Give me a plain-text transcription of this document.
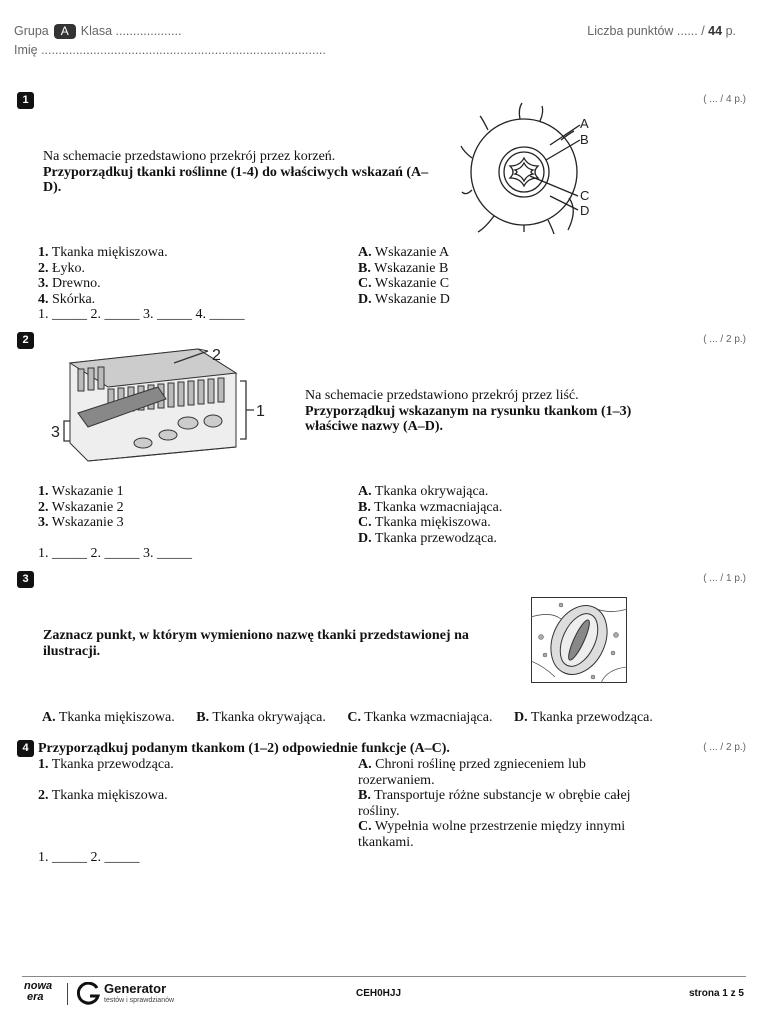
Grupa A Klasa ...................
Imię ..................................................................................
Liczba punktów ...... / 44 p.
1	( ... / 4 p.)
Na schemacie przedstawiono przekrój przez korzeń.
Przyporządkuj tkanki roślinne (1-4) do właściwych wskazań (A–
D).
A
B
C
D
1. Tkanka miękiszowa.
2. Łyko.
3. Drewno.
4. Skórka.
1. _____ 2. _____ 3. _____ 4. _____
A. Wskazanie A
B. Wskazanie B
C. Wskazanie C
D. Wskazanie D
2	( ... / 2 p.)
1
2
3
Na schemacie przedstawiono przekrój przez liść.
Przyporządkuj wskazanym na rysunku tkankom (1–3)
właściwe nazwy (A–D).
1. Wskazanie 1
2. Wskazanie 2
3. Wskazanie 3
1. _____ 2. _____ 3. _____
A. Tkanka okrywająca.
B. Tkanka wzmacniająca.
C. Tkanka miękiszowa.
D. Tkanka przewodząca.
3	( ... / 1 p.)
Zaznacz punkt, w którym wymieniono nazwę tkanki przedstawionej na
ilustracji.
A. Tkanka miękiszowa. B. Tkanka okrywająca. C. Tkanka wzmacniająca. D. Tkanka przewodząca.
4	( ... / 2 p.)
Przyporządkuj podanym tkankom (1–2) odpowiednie funkcje (A–C).
1. Tkanka przewodząca.
2. Tkanka miękiszowa.
A. Chroni roślinę przed zgnieceniem lub
rozerwaniem.
B. Transportuje różne substancje w obrębie całej
rośliny.
C. Wypełnia wolne przestrzenie między innymi
tkankami.
1. _____ 2. _____
nowa
era
Generator
testów i sprawdzianów
CEH0HJJ	strona 1 z 5
